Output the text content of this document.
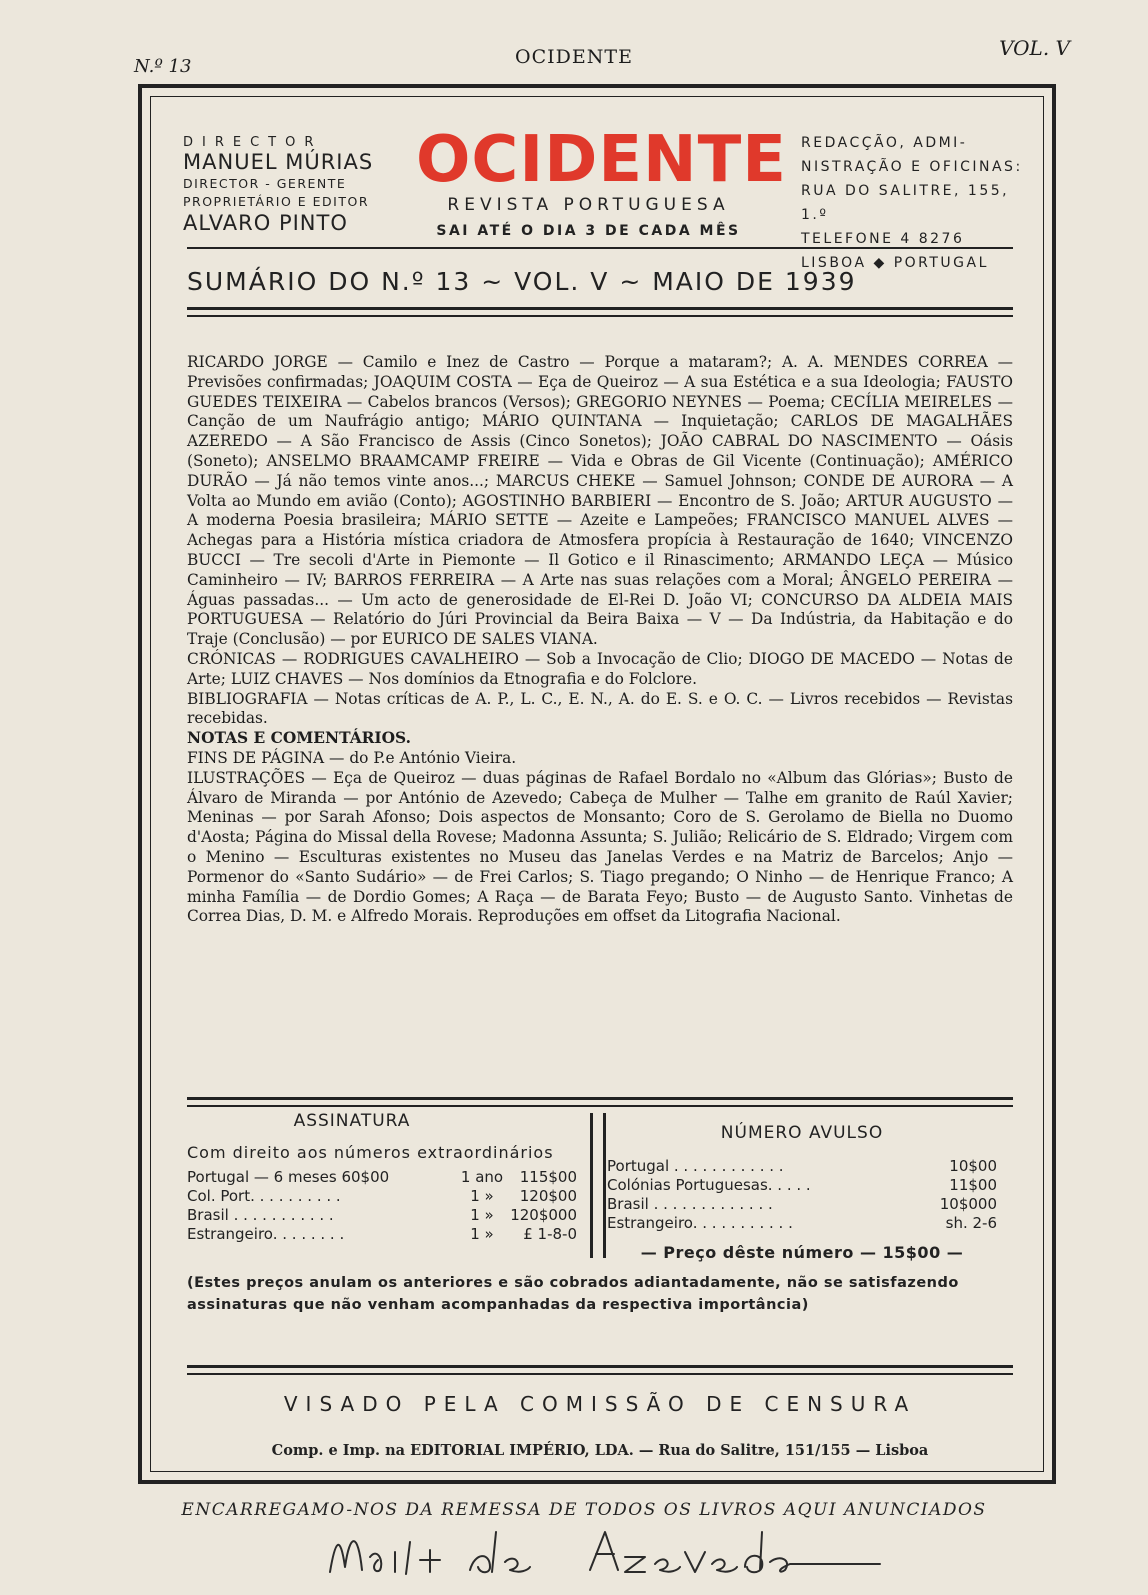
N.º 13	OCIDENTE	VOL. V
DIRECTOR
MANUEL MÚRIAS
DIRECTOR - GERENTE
PROPRIETÁRIO E EDITOR
ALVARO PINTO
OCIDENTE
REVISTA PORTUGUESA
SAI ATÉ O DIA 3 DE CADA MÊS
REDACÇÃO, ADMI-
NISTRAÇÃO E OFICINAS:
RUA DO SALITRE, 155, 1.º
TELEFONE 4 8276
LISBOA ◆ PORTUGAL
SUMÁRIO DO N.º 13 ~ VOL. V ~ MAIO DE 1939

RICARDO JORGE — Camilo e Inez de Castro — Porque a mataram?; A. A. MENDES CORREA — Previsões confirmadas; JOAQUIM COSTA — Eça de Queiroz — A sua Estética e a sua Ideologia; FAUSTO GUEDES TEIXEIRA — Cabelos brancos (Versos); GREGORIO NEYNES — Poema; CECÍLIA MEIRELES — Canção de um Naufrágio antigo; MÁRIO QUINTANA — Inquietação; CARLOS DE MAGALHÃES AZEREDO — A São Francisco de Assis (Cinco Sonetos); JOÃO CABRAL DO NASCIMENTO — Oásis (Soneto); ANSELMO BRAAMCAMP FREIRE — Vida e Obras de Gil Vicente (Continuação); AMÉRICO DURÃO — Já não temos vinte anos...; MARCUS CHEKE — Samuel Johnson; CONDE DE AURORA — A Volta ao Mundo em avião (Conto); AGOSTINHO BARBIERI — Encontro de S. João; ARTUR AUGUSTO — A moderna Poesia brasileira; MÁRIO SETTE — Azeite e Lampeões; FRANCISCO MANUEL ALVES — Achegas para a História mística criadora de Atmosfera propícia à Restauração de 1640; VINCENZO BUCCI — Tre secoli d'Arte in Piemonte — Il Gotico e il Rinascimento; ARMANDO LEÇA — Músico Caminheiro — IV; BARROS FERREIRA — A Arte nas suas relações com a Moral; ÂNGELO PEREIRA — Águas passadas... — Um acto de generosidade de El-Rei D. João VI; CONCURSO DA ALDEIA MAIS PORTUGUESA — Relatório do Júri Provincial da Beira Baixa — V — Da Indústria, da Habitação e do Traje (Conclusão) — por EURICO DE SALES VIANA.

CRÓNICAS — RODRIGUES CAVALHEIRO — Sob a Invocação de Clio; DIOGO DE MACEDO — Notas de Arte; LUIZ CHAVES — Nos domínios da Etnografia e do Folclore.

BIBLIOGRAFIA — Notas críticas de A. P., L. C., E. N., A. do E. S. e O. C. — Livros recebidos — Revistas recebidas.

NOTAS E COMENTÁRIOS.

FINS DE PÁGINA — do P.e António Vieira.

ILUSTRAÇÕES — Eça de Queiroz — duas páginas de Rafael Bordalo no «Album das Glórias»; Busto de Álvaro de Miranda — por António de Azevedo; Cabeça de Mulher — Talhe em granito de Raúl Xavier; Meninas — por Sarah Afonso; Dois aspectos de Monsanto; Coro de S. Gerolamo de Biella no Duomo d'Aosta; Página do Missal della Rovese; Madonna Assunta; S. Julião; Relicário de S. Eldrado; Virgem com o Menino — Esculturas existentes no Museu das Janelas Verdes e na Matriz de Barcelos; Anjo — Pormenor do «Santo Sudário» — de Frei Carlos; S. Tiago pregando; O Ninho — de Henrique Franco; A minha Família — de Dordio Gomes; A Raça — de Barata Feyo; Busto — de Augusto Santo. Vinhetas de Correa Dias, D. M. e Alfredo Morais. Reproduções em offset da Litografia Nacional.

ASSINATURA
Com direito aos números extraordinários
Portugal — 6 meses 60$00	1 ano	115$00
Col. Port. . . . . . . . . .	1 »	120$00
Brasil . . . . . . . . . . .	1 »	120$000
Estrangeiro. . . . . . . .	1 »	£ 1-8-0
NÚMERO AVULSO
Portugal . . . . . . . . . . . .	10$00
Colónias Portuguesas. . . . .	11$00
Brasil . . . . . . . . . . . . .	10$000
Estrangeiro. . . . . . . . . . .	sh. 2-6
— Preço dêste número — 15$00 —
(Estes preços anulam os anteriores e são cobrados adiantadamente, não se satisfazendo assinaturas que não venham acompanhadas da respectiva importância)
VISADO PELA COMISSÃO DE CENSURA
Comp. e Imp. na EDITORIAL IMPÉRIO, LDA. — Rua do Salitre, 151/155 — Lisboa
ENCARREGAMO-NOS DA REMESSA DE TODOS OS LIVROS AQUI ANUNCIADOS
